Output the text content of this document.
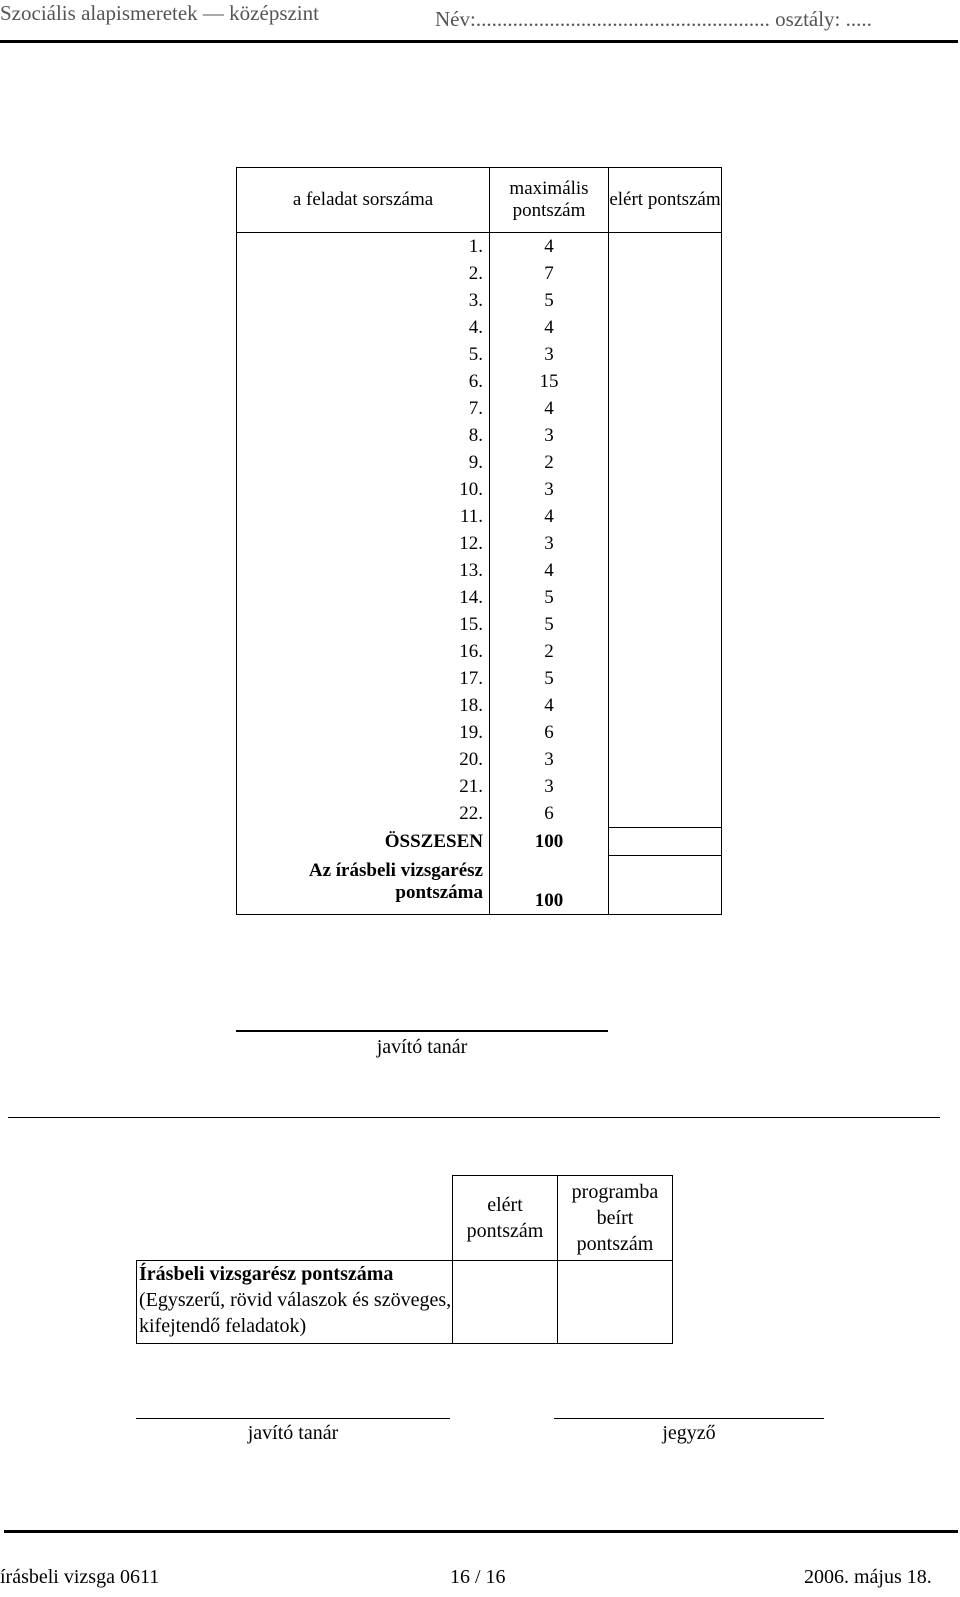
Szociális alapismeretek — középszint	Név:........................................................ osztály: .....
a feladat sorszáma	maximális pontszám	elért pontszám
1.	4	
2.	7	
3.	5	
4.	4	
5.	3	
6.	15	
7.	4	
8.	3	
9.	2	
10.	3	
11.	4	
12.	3	
13.	4	
14.	5	
15.	5	
16.	2	
17.	5	
18.	4	
19.	6	
20.	3	
21.	3	
22.	6	
ÖSSZESEN	100	
Az írásbeli vizsgarész
pontszáma	100	
javító tanár
	elért pontszám	programba beírt pontszám
Írásbeli vizsgarész pontszáma
(Egyszerű, rövid válaszok és szöveges, kifejtendő feladatok)		
javító tanár	jegyző
írásbeli vizsga 0611	16 / 16	2006. május 18.
